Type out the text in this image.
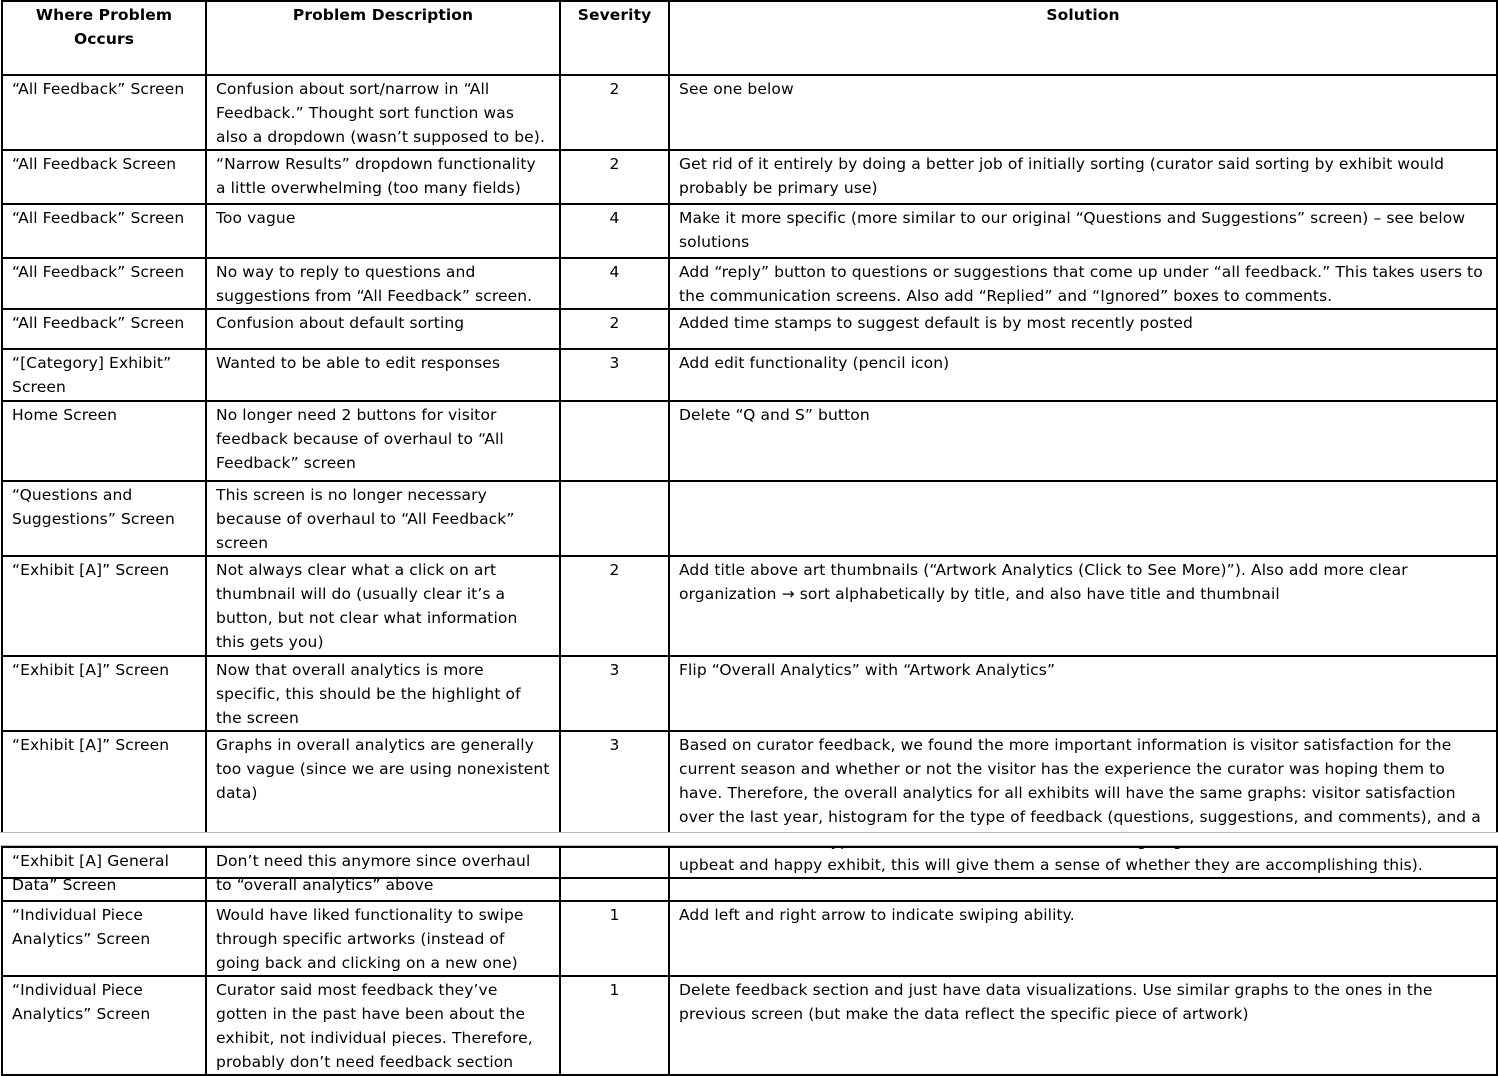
Where Problem Occurs	Problem Description	Severity	Solution
“All Feedback” Screen	Confusion about sort/narrow in “All Feedback.” Thought sort function was also a dropdown (wasn’t supposed to be).	2	See one below
“All Feedback Screen	“Narrow Results” dropdown functionality a little overwhelming (too many fields)	2	Get rid of it entirely by doing a better job of initially sorting (curator said sorting by exhibit would probably be primary use)
“All Feedback” Screen	Too vague	4	Make it more specific (more similar to our original “Questions and Suggestions” screen) – see below solutions
“All Feedback” Screen	No way to reply to questions and suggestions from “All Feedback” screen.	4	Add “reply” button to questions or suggestions that come up under “all feedback.” This takes users to the communication screens. Also add “Replied” and “Ignored” boxes to comments.
“All Feedback” Screen	Confusion about default sorting	2	Added time stamps to suggest default is by most recently posted
“[Category] Exhibit” Screen	Wanted to be able to edit responses	3	Add edit functionality (pencil icon)
Home Screen	No longer need 2 buttons for visitor feedback because of overhaul to “All Feedback” screen		Delete “Q and S” button
“Questions and Suggestions” Screen	This screen is no longer necessary because of overhaul to “All Feedback” screen		
“Exhibit [A]” Screen	Not always clear what a click on art thumbnail will do (usually clear it’s a button, but not clear what information this gets you)	2	Add title above art thumbnails (“Artwork Analytics (Click to See More)”). Also add more clear organization → sort alphabetically by title, and also have title and thumbnail
“Exhibit [A]” Screen	Now that overall analytics is more specific, this should be the highlight of the screen	3	Flip “Overall Analytics” with “Artwork Analytics”
“Exhibit [A]” Screen	Graphs in overall analytics are generally too vague (since we are using nonexistent data)	3	Based on curator feedback, we found the more important information is visitor satisfaction for the current season and whether or not the visitor has the experience the curator was hoping them to have. Therefore, the overall analytics for all exhibits will have the same graphs: visitor satisfaction over the last year, histogram for the type of feedback (questions, suggestions, and comments), and a upbeat and happy exhibit, this will give them a sense of whether they are accomplishing this).
“Exhibit [A] General Data” Screen	Don’t need this anymore since overhaul to “overall analytics” above		
“Individual Piece Analytics” Screen	Would have liked functionality to swipe through specific artworks (instead of going back and clicking on a new one)	1	Add left and right arrow to indicate swiping ability.
“Individual Piece Analytics” Screen	Curator said most feedback they’ve gotten in the past have been about the exhibit, not individual pieces. Therefore, probably don’t need feedback section	1	Delete feedback section and just have data visualizations. Use similar graphs to the ones in the previous screen (but make the data reflect the specific piece of artwork)
